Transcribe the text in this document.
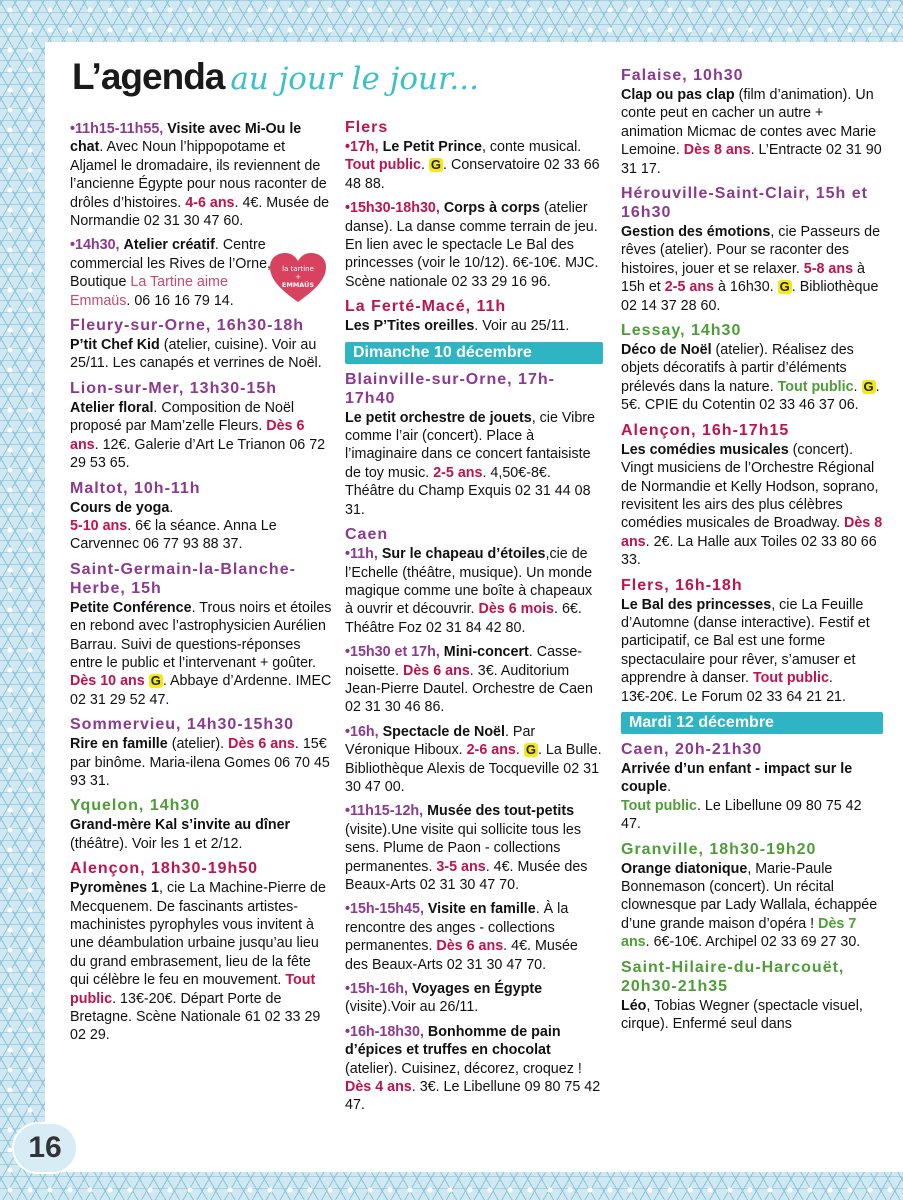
L’agenda au jour le jour...
la tartine
+
EMMAÜS
•11h15-11h55, Visite avec Mi-Ou le chat. Avec Noun l’hippopotame et Aljamel le dromadaire, ils reviennent de l’ancienne Égypte pour nous raconter de drôles d’histoires. 4-6 ans. 4€. Musée de Normandie 02 31 30 47 60.
•14h30, Atelier créatif. Centre commercial les Rives de l’Orne, Boutique La Tartine aime Emmaüs. 06 16 16 79 14.
Fleury-sur-Orne, 16h30-18h
P’tit Chef Kid (atelier, cuisine). Voir au 25/11. Les canapés et verrines de Noël.
Lion-sur-Mer, 13h30-15h
Atelier floral. Composition de Noël proposé par Mam’zelle Fleurs. Dès 6 ans. 12€. Galerie d’Art Le Trianon 06 72 29 53 65.
Maltot, 10h-11h
Cours de yoga.
5-10 ans. 6€ la séance. Anna Le Carvennec 06 77 93 88 37.
Saint-Germain-la-Blanche-Herbe, 15h
Petite Conférence. Trous noirs et étoiles en rebond avec l’astrophysicien Aurélien Barrau. Suivi de questions-réponses entre le public et l’intervenant + goûter. Dès 10 ans G . Abbaye d’Ardenne. IMEC 02 31 29 52 47.
Sommervieu, 14h30-15h30
Rire en famille (atelier). Dès 6 ans. 15€ par binôme. Maria-ilena Gomes 06 70 45 93 31.
Yquelon, 14h30
Grand-mère Kal s’invite au dîner (théâtre). Voir les 1 et 2/12.
Alençon, 18h30-19h50
Pyromènes 1, cie La Machine-Pierre de Mecquenem. De fascinants artistes-machinistes pyrophyles vous invitent à une déambulation urbaine jusqu’au lieu du grand embrasement, lieu de la fête qui célèbre le feu en mouvement. Tout public. 13€-20€. Départ Porte de Bretagne. Scène Nationale 61 02 33 29 02 29.
Flers
•17h, Le Petit Prince, conte musical. Tout public. G . Conservatoire 02 33 66 48 88.
•15h30-18h30, Corps à corps (atelier danse). La danse comme terrain de jeu. En lien avec le spectacle Le Bal des princesses (voir le 10/12). 6€-10€. MJC. Scène nationale 02 33 29 16 96.
La Ferté-Macé, 11h
Les P’Tites oreilles. Voir au 25/11.
Dimanche 10 décembre
Blainville-sur-Orne, 17h-17h40
Le petit orchestre de jouets, cie Vibre comme l’air (concert). Place à l’imaginaire dans ce concert fantaisiste de toy music. 2-5 ans. 4,50€-8€. Théâtre du Champ Exquis 02 31 44 08 31.
Caen
•11h, Sur le chapeau d’étoiles,cie de l’Echelle (théâtre, musique). Un monde magique comme une boîte à chapeaux à ouvrir et découvrir. Dès 6 mois. 6€. Théâtre Foz 02 31 84 42 80.
•15h30 et 17h, Mini-concert. Casse-noisette. Dès 6 ans. 3€. Auditorium Jean-Pierre Dautel. Orchestre de Caen 02 31 30 46 86.
•16h, Spectacle de Noël. Par Véronique Hiboux. 2-6 ans. G . La Bulle. Bibliothèque Alexis de Tocqueville 02 31 30 47 00.
•11h15-12h, Musée des tout-petits (visite).Une visite qui sollicite tous les sens. Plume de Paon - collections permanentes. 3-5 ans. 4€. Musée des Beaux-Arts 02 31 30 47 70.
•15h-15h45, Visite en famille. À la rencontre des anges - collections permanentes. Dès 6 ans. 4€. Musée des Beaux-Arts 02 31 30 47 70.
•15h-16h, Voyages en Égypte (visite).Voir au 26/11.
•16h-18h30, Bonhomme de pain d’épices et truffes en chocolat (atelier). Cuisinez, décorez, croquez ! Dès 4 ans. 3€. Le Libellune 09 80 75 42 47.
Falaise, 10h30
Clap ou pas clap (film d’animation). Un conte peut en cacher un autre + animation Micmac de contes avec Marie Lemoine. Dès 8 ans. L’Entracte 02 31 90 31 17.
Hérouville-Saint-Clair, 15h et 16h30
Gestion des émotions, cie Passeurs de rêves (atelier). Pour se raconter des histoires, jouer et se relaxer. 5-8 ans à 15h et 2-5 ans à 16h30. G . Bibliothèque 02 14 37 28 60.
Lessay, 14h30
Déco de Noël (atelier). Réalisez des objets décoratifs à partir d’éléments prélevés dans la nature. Tout public. G . 5€. CPIE du Cotentin 02 33 46 37 06.
Alençon, 16h-17h15
Les comédies musicales (concert). Vingt musiciens de l’Orchestre Régional de Normandie et Kelly Hodson, soprano, revisitent les airs des plus célèbres comédies musicales de Broadway. Dès 8 ans. 2€. La Halle aux Toiles 02 33 80 66 33.
Flers, 16h-18h
Le Bal des princesses, cie La Feuille d’Automne (danse interactive). Festif et participatif, ce Bal est une forme spectaculaire pour rêver, s’amuser et apprendre à danser. Tout public. 13€-20€. Le Forum 02 33 64 21 21.
Mardi 12 décembre
Caen, 20h-21h30
Arrivée d’un enfant - impact sur le couple.
Tout public. Le Libellune 09 80 75 42 47.
Granville, 18h30-19h20
Orange diatonique, Marie-Paule Bonnemason (concert). Un récital clownesque par Lady Wallala, échappée d’une grande maison d’opéra ! Dès 7 ans. 6€-10€. Archipel 02 33 69 27 30.
Saint-Hilaire-du-Harcouët, 20h30-21h35
Léo, Tobias Wegner (spectacle visuel, cirque). Enfermé seul dans
16
